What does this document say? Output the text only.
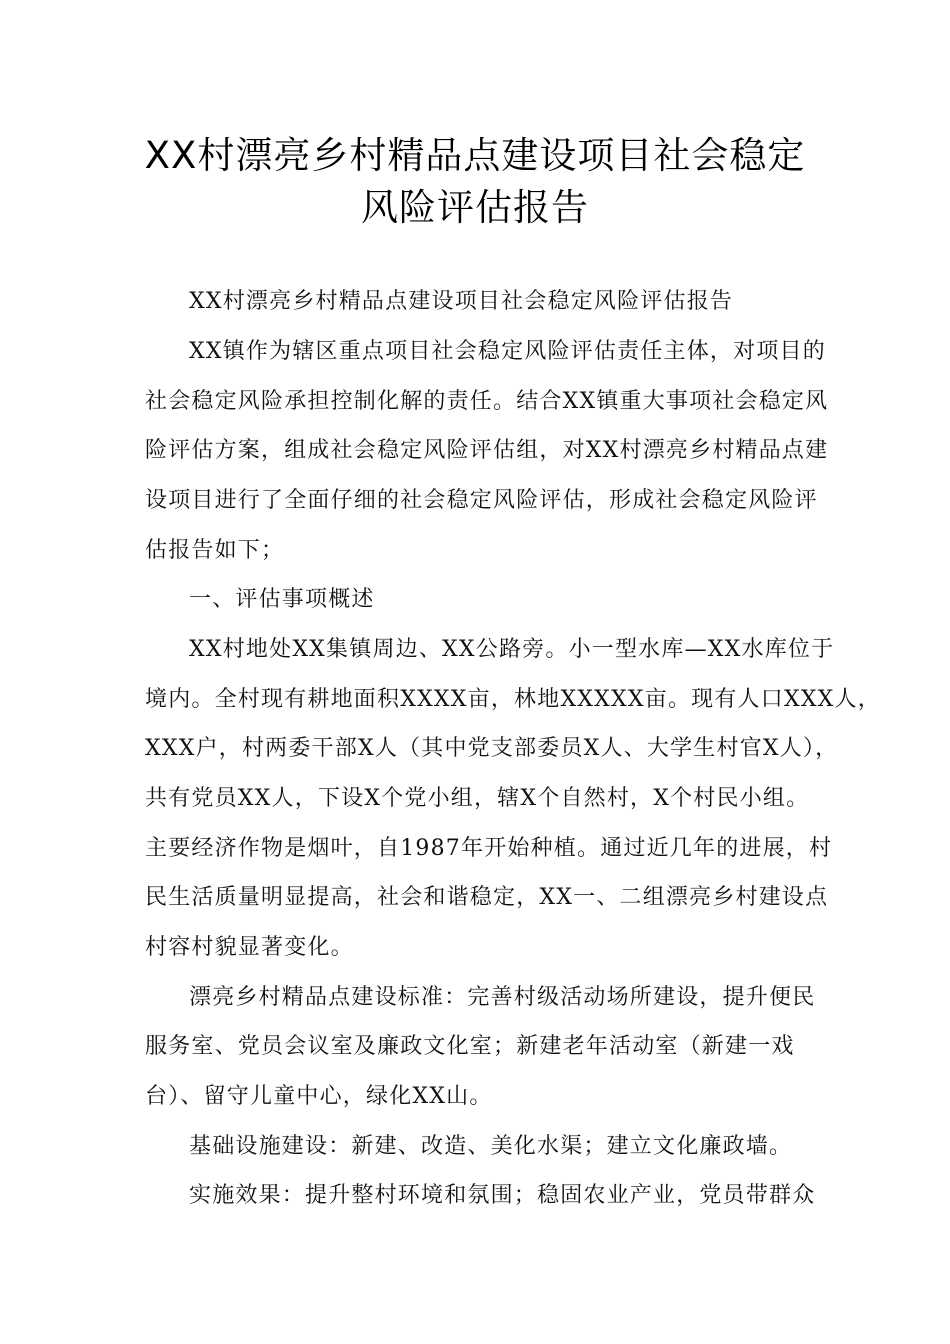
XX村漂亮乡村精品点建设项目社会稳定
风险评估报告
XX村漂亮乡村精品点建设项目社会稳定风险评估报告
XX镇作为辖区重点项目社会稳定风险评估责任主体，对项目的
社会稳定风险承担控制化解的责任。结合XX镇重大事项社会稳定风
险评估方案，组成社会稳定风险评估组，对XX村漂亮乡村精品点建
设项目进行了全面仔细的社会稳定风险评估，形成社会稳定风险评
估报告如下；
一、评估事项概述
XX村地处XX集镇周边、XX公路旁。小一型水库—XX水库位于
境内。全村现有耕地面积XXXX亩，林地XXXXX亩。现有人口XXX人，
XXX户，村两委干部X人（其中党支部委员X人、大学生村官X人），
共有党员XX人，下设X个党小组，辖X个自然村，X个村民小组。
主要经济作物是烟叶，自1987年开始种植。通过近几年的进展，村
民生活质量明显提高，社会和谐稳定，XX一、二组漂亮乡村建设点
村容村貌显著变化。
漂亮乡村精品点建设标准：完善村级活动场所建设，提升便民
服务室、党员会议室及廉政文化室；新建老年活动室（新建一戏
台）、留守儿童中心，绿化XX山。
基础设施建设：新建、改造、美化水渠；建立文化廉政墙。
实施效果：提升整村环境和氛围；稳固农业产业，党员带群众
